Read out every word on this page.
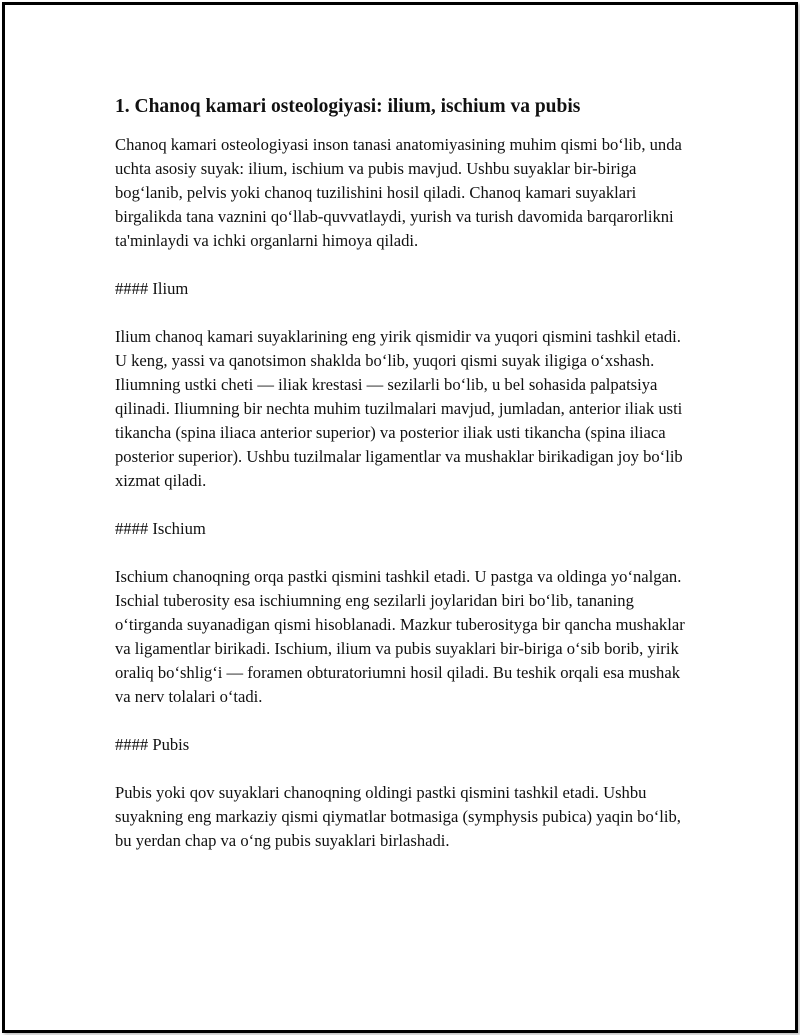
1. Chanoq kamari osteologiyasi: ilium, ischium va pubis

Chanoq kamari osteologiyasi inson tanasi anatomiyasining muhim qismi bo‘lib, unda uchta asosiy suyak: ilium, ischium va pubis mavjud. Ushbu suyaklar bir-biriga bog‘lanib, pelvis yoki chanoq tuzilishini hosil qiladi. Chanoq kamari suyaklari birgalikda tana vaznini qo‘llab-quvvatlaydi, yurish va turish davomida barqarorlikni ta'minlaydi va ichki organlarni himoya qiladi.

#### Ilium

Ilium chanoq kamari suyaklarining eng yirik qismidir va yuqori qismini tashkil etadi. U keng, yassi va qanotsimon shaklda bo‘lib, yuqori qismi suyak iligiga o‘xshash. Iliumning ustki cheti — iliak krestasi — sezilarli bo‘lib, u bel sohasida palpatsiya qilinadi. Iliumning bir nechta muhim tuzilmalari mavjud, jumladan, anterior iliak usti tikancha (spina iliaca anterior superior) va posterior iliak usti tikancha (spina iliaca posterior superior). Ushbu tuzilmalar ligamentlar va mushaklar birikadigan joy bo‘lib xizmat qiladi.

#### Ischium

Ischium chanoqning orqa pastki qismini tashkil etadi. U pastga va oldinga yo‘nalgan. Ischial tuberosity esa ischiumning eng sezilarli joylaridan biri bo‘lib, tananing o‘tirganda suyanadigan qismi hisoblanadi. Mazkur tuberosityga bir qancha mushaklar va ligamentlar birikadi. Ischium, ilium va pubis suyaklari bir-biriga o‘sib borib, yirik oraliq bo‘shlig‘i — foramen obturatoriumni hosil qiladi. Bu teshik orqali esa mushak va nerv tolalari o‘tadi.

#### Pubis

Pubis yoki qov suyaklari chanoqning oldingi pastki qismini tashkil etadi. Ushbu suyakning eng markaziy qismi qiymatlar botmasiga (symphysis pubica) yaqin bo‘lib, bu yerdan chap va o‘ng pubis suyaklari birlashadi.
